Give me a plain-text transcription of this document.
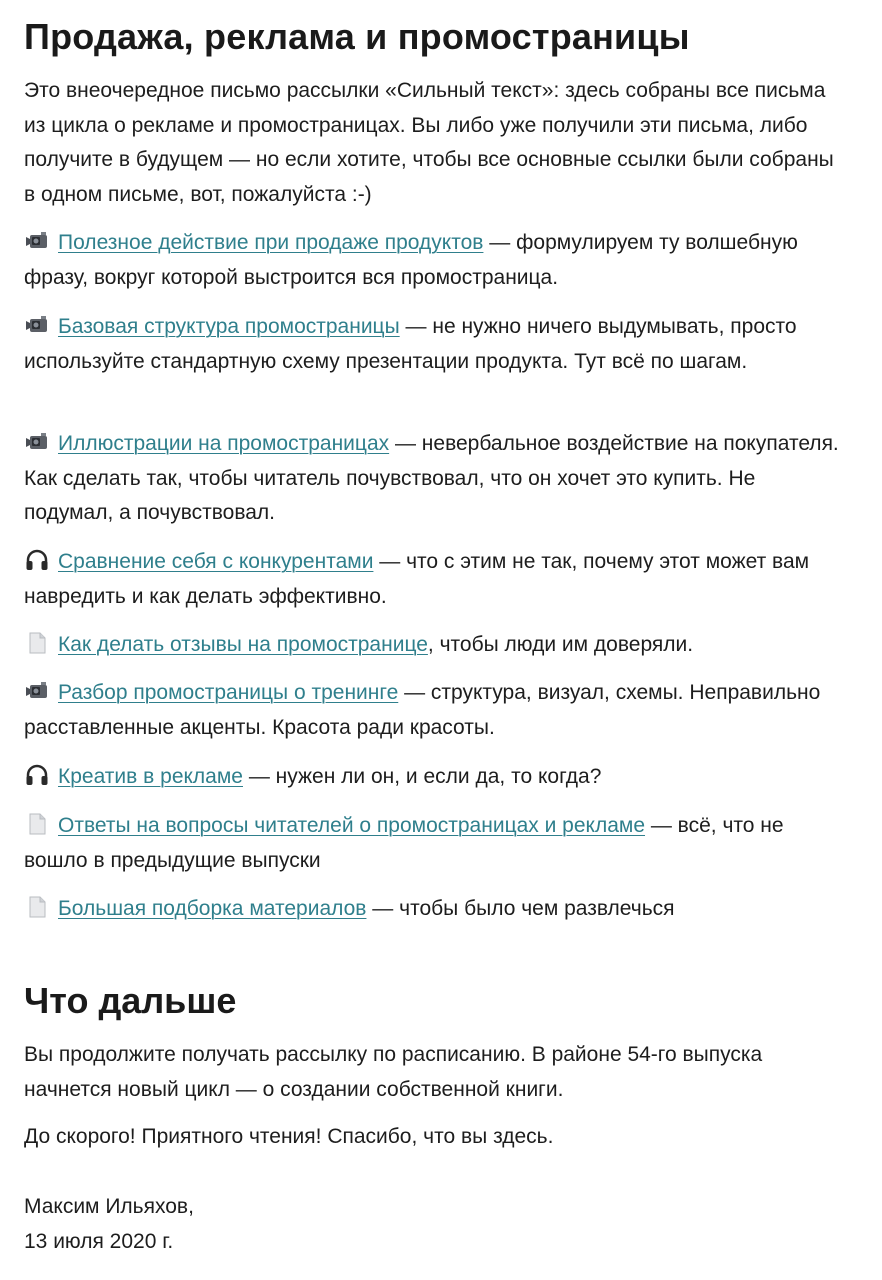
Продажа, реклама и промостраницы

Это внеочередное письмо рассылки «Сильный текст»: здесь собраны все письма из цикла о рекламе и промостраницах. Вы либо уже получили эти письма, либо получите в будущем — но если хотите, чтобы все основные ссылки были собраны в одном письме, вот, пожалуйста :-)

Полезное действие при продаже продуктов — формулируем ту волшебную фразу, вокруг которой выстроится вся промостраница.

Базовая структура промостраницы — не нужно ничего выдумывать, просто используйте стандартную схему презентации продукта. Тут всё по шагам.

Иллюстрации на промостраницах — невербальное воздействие на покупателя. Как сделать так, чтобы читатель почувствовал, что он хочет это купить. Не подумал, а почувствовал.

Сравнение себя с конкурентами — что с этим не так, почему этот может вам навредить и как делать эффективно.

Как делать отзывы на промостранице, чтобы люди им доверяли.

Разбор промостраницы о тренинге — структура, визуал, схемы. Неправильно расставленные акценты. Красота ради красоты.

Креатив в рекламе — нужен ли он, и если да, то когда?

Ответы на вопросы читателей о промостраницах и рекламе — всё, что не вошло в предыдущие выпуски

Большая подборка материалов — чтобы было чем развлечься

Что дальше

Вы продолжите получать рассылку по расписанию. В районе 54-го выпуска начнется новый цикл — о создании собственной книги.

До скорого! Приятного чтения! Спасибо, что вы здесь.

Максим Ильяхов,
13 июля 2020 г.
